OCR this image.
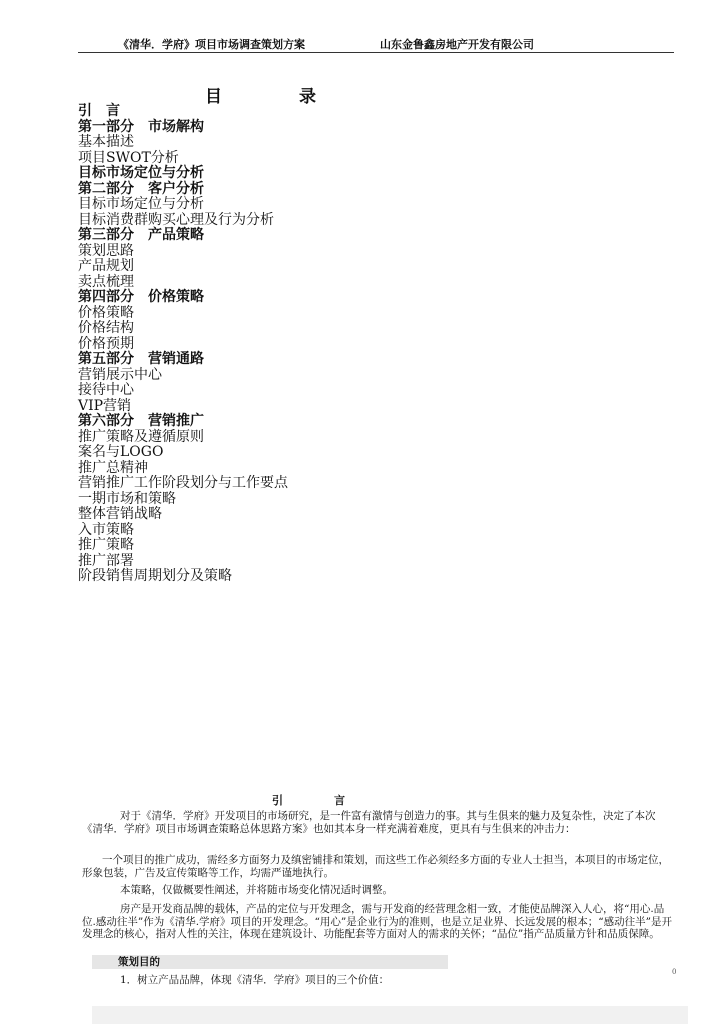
《清华．学府》项目市场调查策划方案	山东金鲁鑫房地产开发有限公司
目　录
引　言
第一部分　市场解构
基本描述
项目SWOT分析
目标市场定位与分析
第二部分　客户分析
目标市场定位与分析
目标消费群购买心理及行为分析
第三部分　产品策略
策划思路
产品规划
卖点梳理
第四部分　价格策略
价格策略
价格结构
价格预期
第五部分　营销通路
营销展示中心
接待中心
VIP营销
第六部分　营销推广
推广策略及遵循原则
案名与LOGO
推广总精神
营销推广工作阶段划分与工作要点
一期市场和策略
整体营销战略
入市策略
推广策略
推广部署
阶段销售周期划分及策略
引　言
对于《清华．学府》开发项目的市场研究，是一件富有激情与创造力的事。其与生俱来的魅力及复杂性，决定了本次《清华．学府》项目市场调查策略总体思路方案》也如其本身一样充满着难度，更具有与生俱来的冲击力：
一个项目的推广成功，需经多方面努力及缜密铺排和策划，而这些工作必须经多方面的专业人士担当，本项目的市场定位，形象包装，广告及宣传策略等工作，均需严谨地执行。
本策略，仅做概要性阐述，并将随市场变化情况适时调整。
房产是开发商品牌的载体，产品的定位与开发理念，需与开发商的经营理念相一致，才能使品牌深入人心，将“用心.品位.感动往半”作为《清华.学府》项目的开发理念。“用心”是企业行为的准则，也是立足业界、长远发展的根本；“感动往半”是开发理念的核心，指对人性的关注，体现在建筑设计、功能配套等方面对人的需求的关怀；“品位”指产品质量方针和品质保障。
策划目的
1．树立产品品牌，体现《清华．学府》项目的三个价值：
0
